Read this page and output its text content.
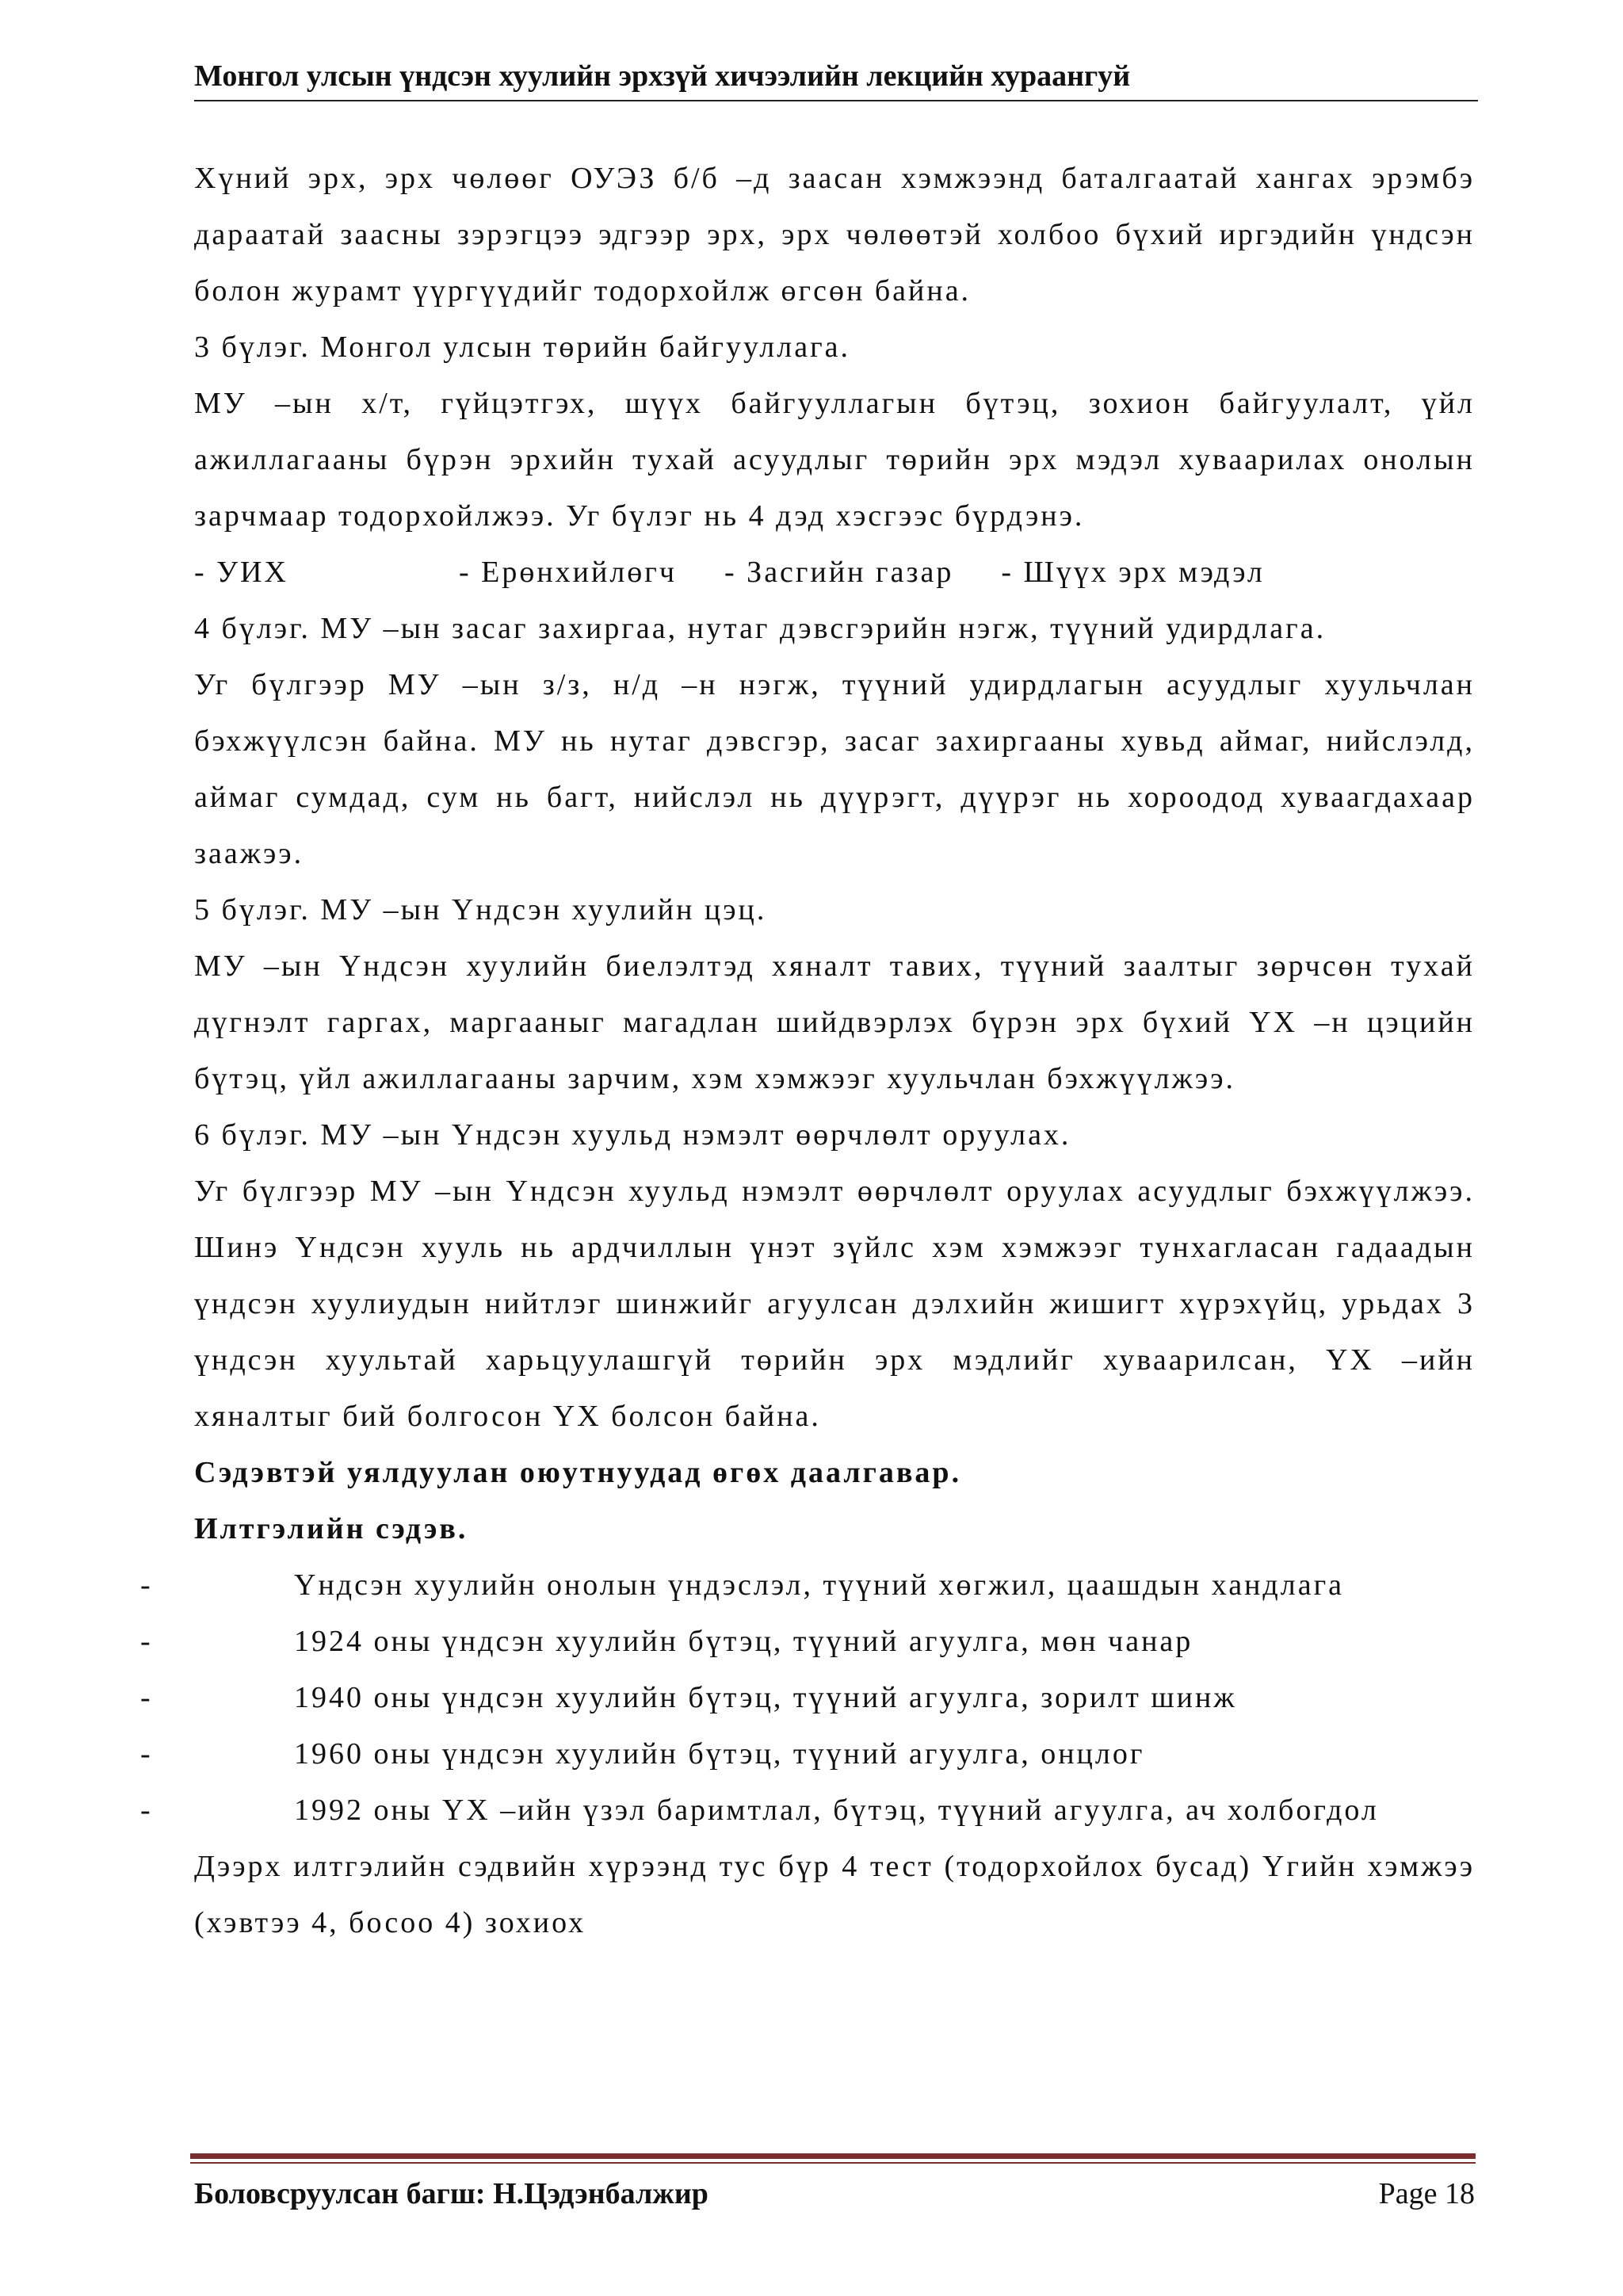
Монгол улсын үндсэн хуулийн эрхзүй хичээлийн лекцийн хураангуй

Хүний эрх, эрх чөлөөг ОУЭЗ б/б –д заасан хэмжээнд баталгаатай хангах эрэмбэ дараатай заасны зэрэгцээ эдгээр эрх, эрх чөлөөтэй холбоо бүхий иргэдийн үндсэн болон журамт үүргүүдийг тодорхойлж өгсөн байна.

3 бүлэг. Монгол улсын төрийн байгууллага.

МУ –ын х/т, гүйцэтгэх, шүүх байгууллагын бүтэц, зохион байгуулалт, үйл ажиллагааны бүрэн эрхийн тухай асуудлыг төрийн эрх мэдэл хуваарилах онолын зарчмаар тодорхойлжээ. Уг бүлэг нь 4 дэд хэсгээс бүрдэнэ.

- УИХ	- Ерөнхийлөгч - Засгийн газар - Шүүх эрх мэдэл

4 бүлэг. МУ –ын засаг захиргаа, нутаг дэвсгэрийн нэгж, түүний удирдлага.

Уг бүлгээр МУ –ын з/з, н/д –н нэгж, түүний удирдлагын асуудлыг хуульчлан бэхжүүлсэн байна. МУ нь нутаг дэвсгэр, засаг захиргааны хувьд аймаг, нийслэлд, аймаг сумдад, сум нь багт, нийслэл нь дүүрэгт, дүүрэг нь хороодод хуваагдахаар заажээ.

5 бүлэг. МУ –ын Үндсэн хуулийн цэц.

МУ –ын Үндсэн хуулийн биелэлтэд хяналт тавих, түүний заалтыг зөрчсөн тухай дүгнэлт гаргах, маргааныг магадлан шийдвэрлэх бүрэн эрх бүхий ҮХ –н цэцийн бүтэц, үйл ажиллагааны зарчим, хэм хэмжээг хуульчлан бэхжүүлжээ.

6 бүлэг. МУ –ын Үндсэн хуульд нэмэлт өөрчлөлт оруулах.

Уг бүлгээр МУ –ын Үндсэн хуульд нэмэлт өөрчлөлт оруулах асуудлыг бэхжүүлжээ. Шинэ Үндсэн хууль нь ардчиллын үнэт зүйлс хэм хэмжээг тунхагласан гадаадын үндсэн хуулиудын нийтлэг шинжийг агуулсан дэлхийн жишигт хүрэхүйц, урьдах 3 үндсэн хуультай харьцуулашгүй төрийн эрх мэдлийг хуваарилсан, ҮХ –ийн хяналтыг бий болгосон ҮХ болсон байна.

Сэдэвтэй уялдуулан оюутнуудад өгөх даалгавар.

Илтгэлийн сэдэв.

-	Үндсэн хуулийн онолын үндэслэл, түүний хөгжил, цаашдын хандлага
-	1924 оны үндсэн хуулийн бүтэц, түүний агуулга, мөн чанар
-	1940 оны үндсэн хуулийн бүтэц, түүний агуулга, зорилт шинж
-	1960 оны үндсэн хуулийн бүтэц, түүний агуулга, онцлог
-	1992 оны ҮХ –ийн үзэл баримтлал, бүтэц, түүний агуулга, ач холбогдол

Дээрх илтгэлийн сэдвийн хүрээнд тус бүр 4 тест (тодорхойлох бусад) Үгийн хэмжээ (хэвтээ 4, босоо 4) зохиох

Боловсруулсан багш: Н.Цэдэнбалжир	Page 18
